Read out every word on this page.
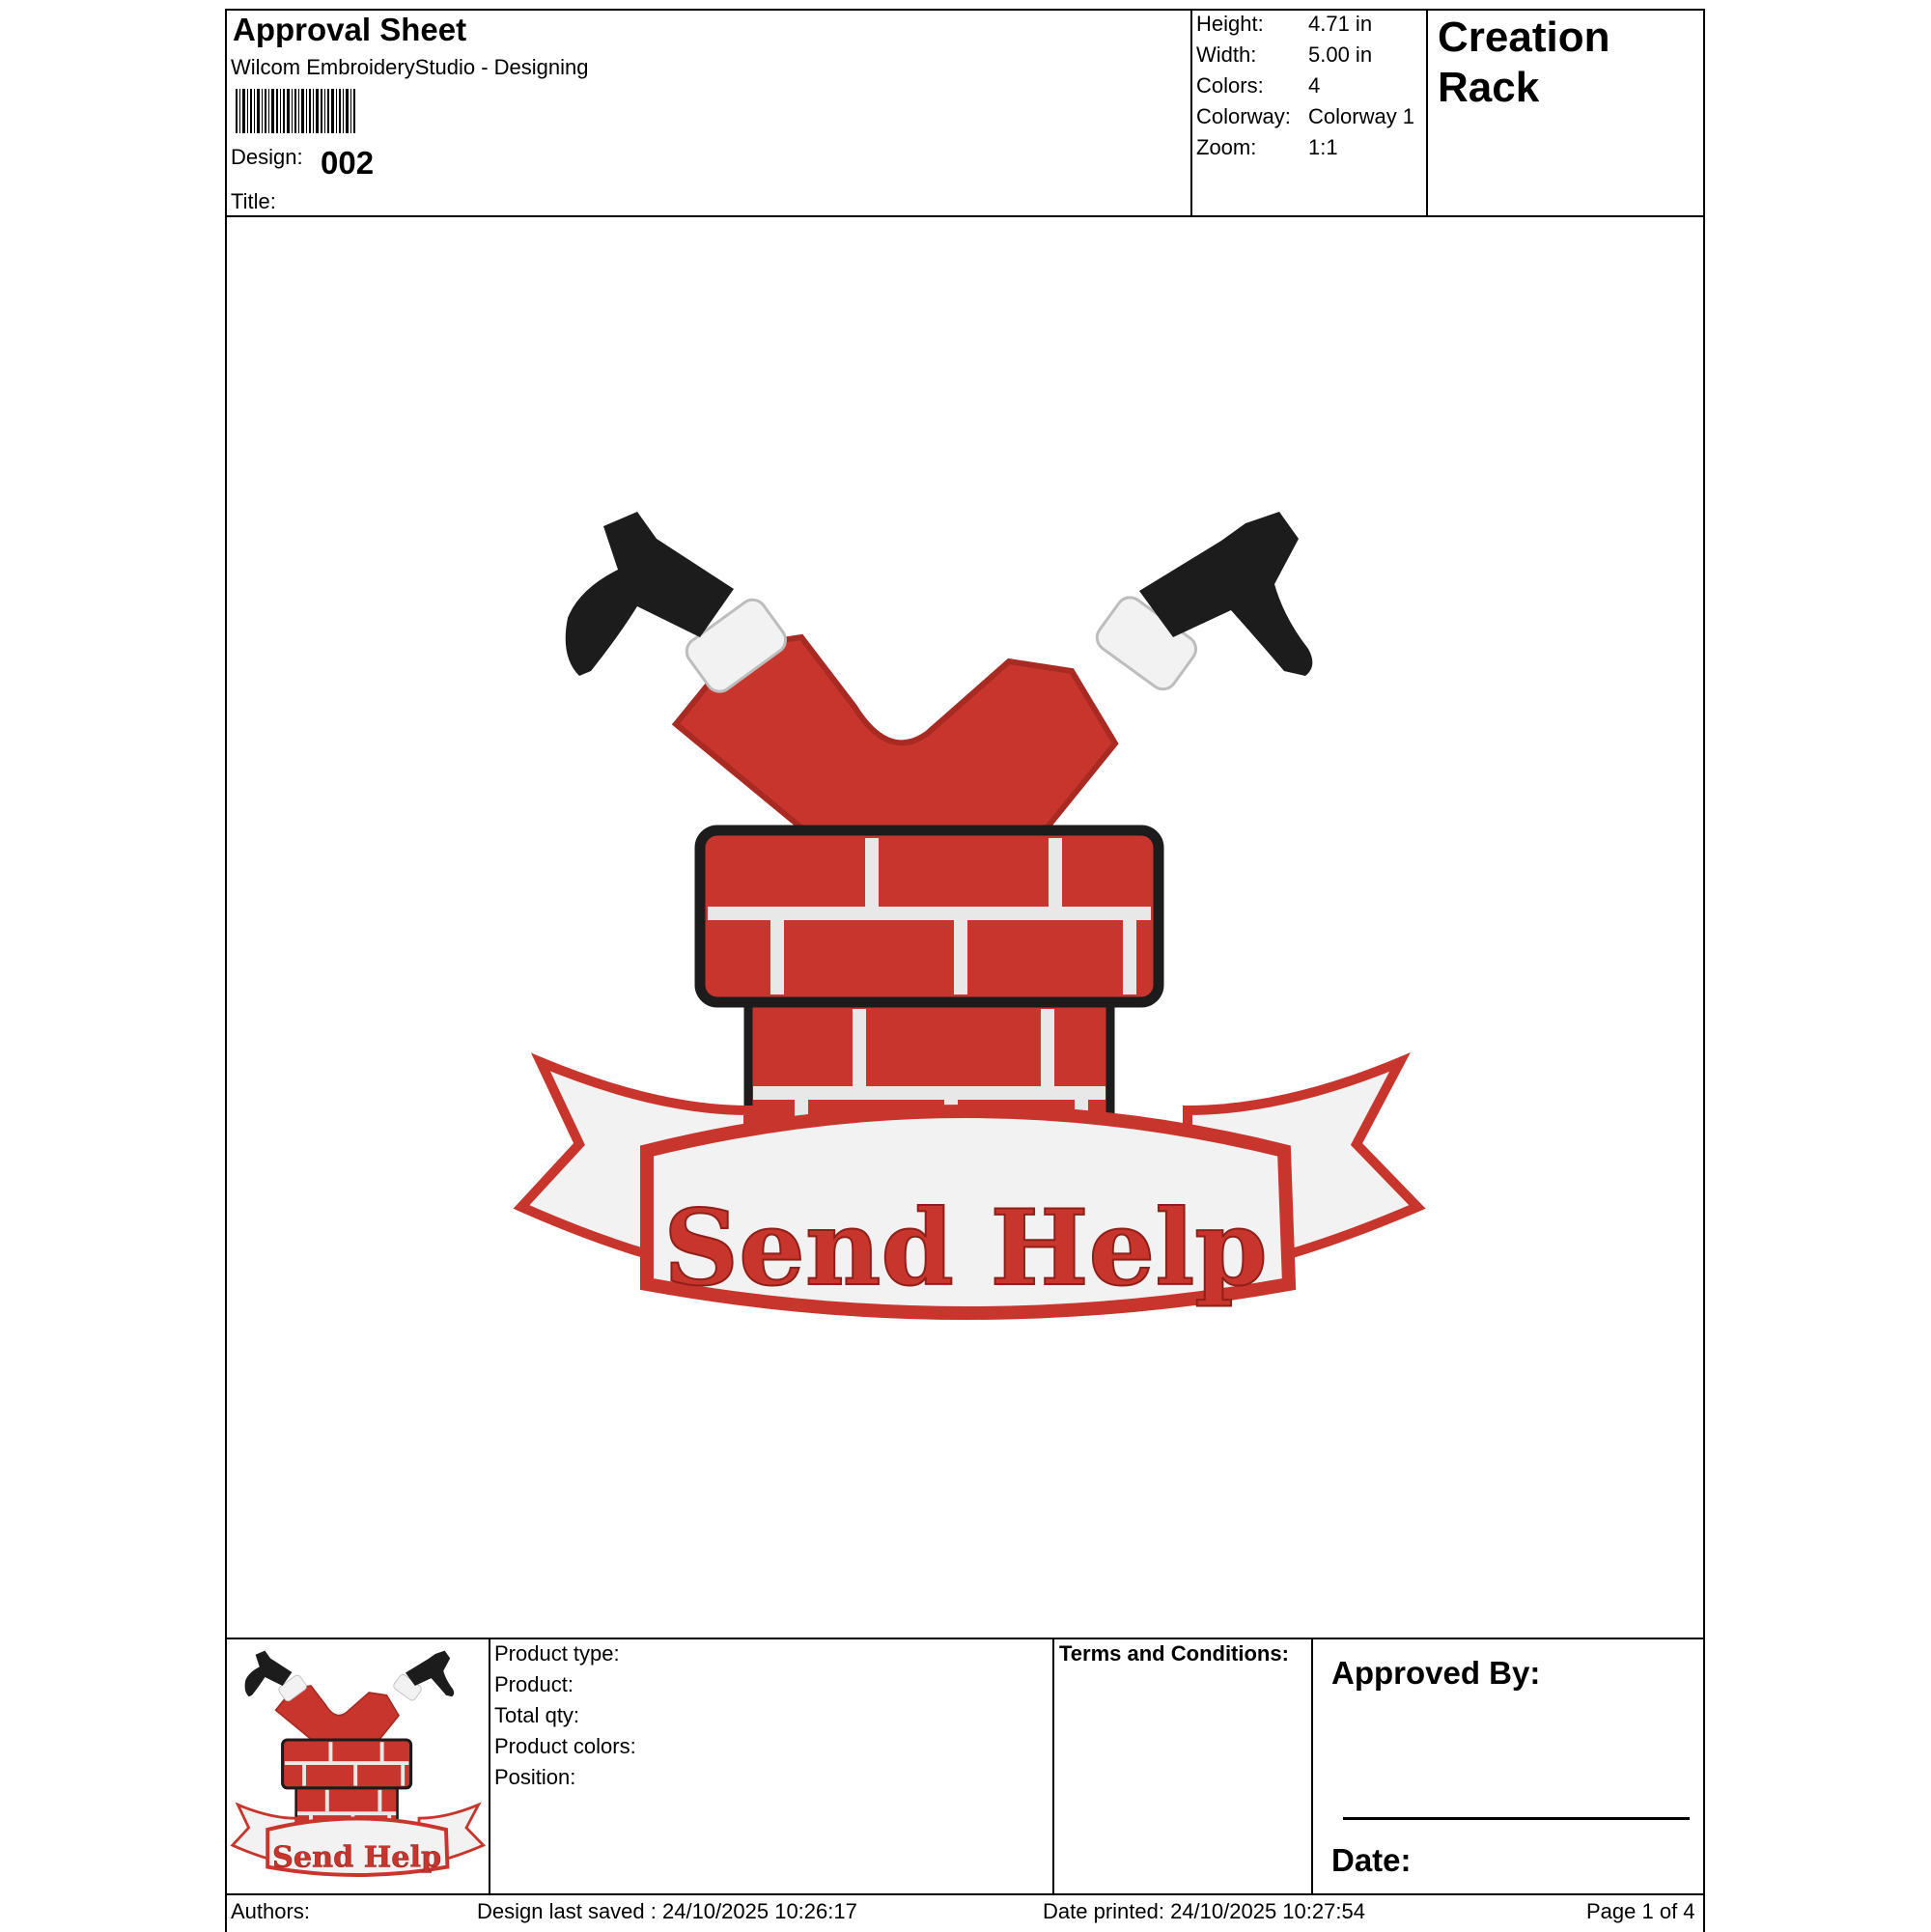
Approval Sheet
Wilcom EmbroideryStudio - Designing
Design: 002
Title:
Height: 4.71 in
Width: 5.00 in
Colors: 4
Colorway: Colorway 1
Zoom: 1:1
Creation
Rack
Send Help
Send Help
Product type:
Product:
Total qty:
Product colors:
Position:
Terms and Conditions:
Approved By:
Date:
Authors:	Design last saved : 24/10/2025 10:26:17	Date printed: 24/10/2025 10:27:54	Page 1 of 4
